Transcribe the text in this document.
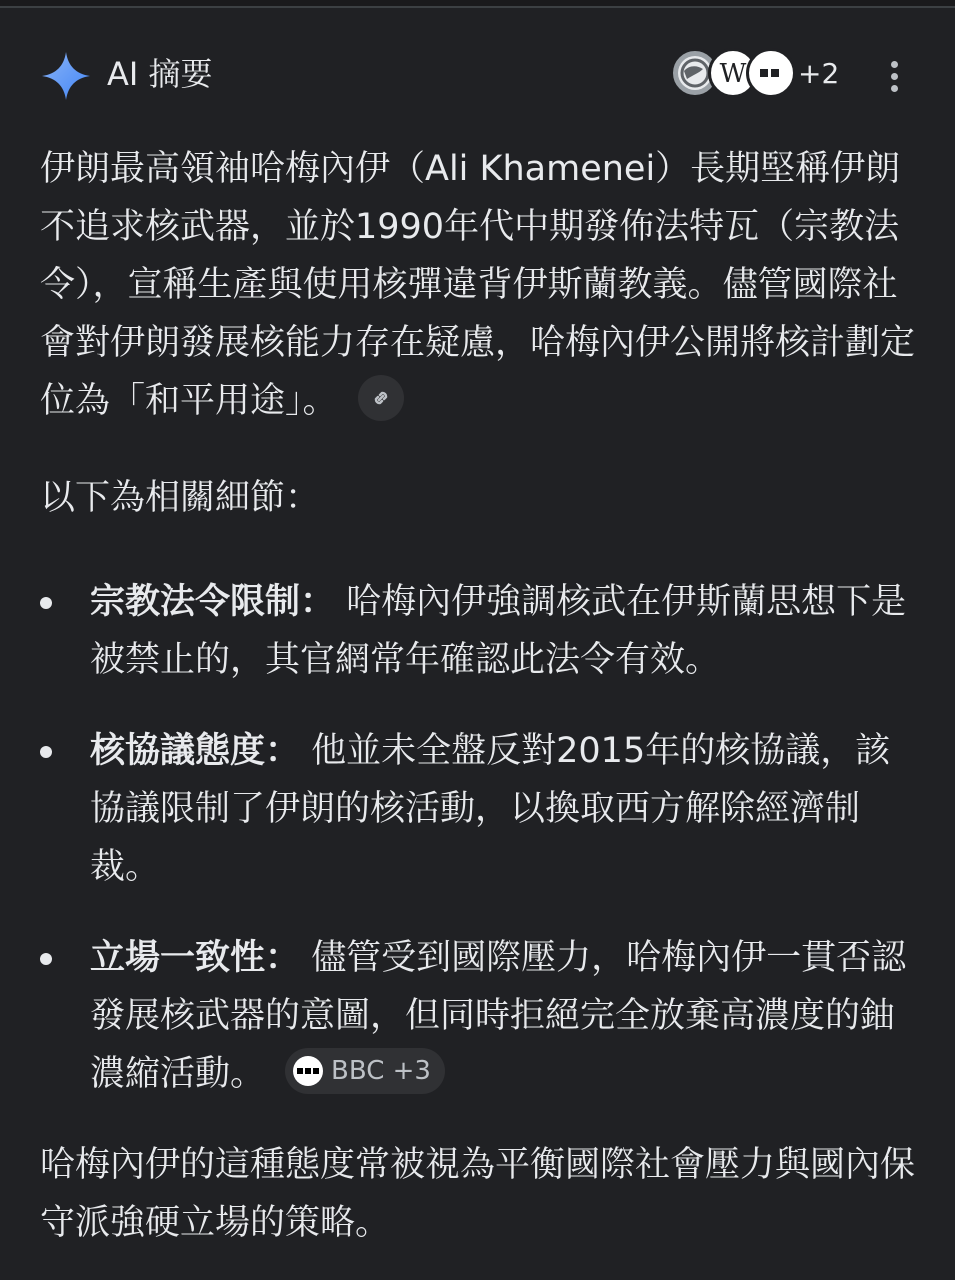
AI 摘要	W +2

伊朗最高領袖哈梅內伊（Ali Khamenei）長期堅稱伊朗不追求核武器，並於1990年代中期發佈法特瓦（宗教法令），宣稱生產與使用核彈違背伊斯蘭教義。儘管國際社會對伊朗發展核能力存在疑慮，哈梅內伊公開將核計劃定位為「和平用途」。

以下為相關細節：

宗教法令限制： 哈梅內伊強調核武在伊斯蘭思想下是被禁止的，其官網常年確認此法令有效。
核協議態度： 他並未全盤反對2015年的核協議，該協議限制了伊朗的核活動，以換取西方解除經濟制裁。
立場一致性： 儘管受到國際壓力，哈梅內伊一貫否認發展核武器的意圖，但同時拒絕完全放棄高濃度的鈾濃縮活動。	BBC +3

哈梅內伊的這種態度常被視為平衡國際社會壓力與國內保守派強硬立場的策略。
